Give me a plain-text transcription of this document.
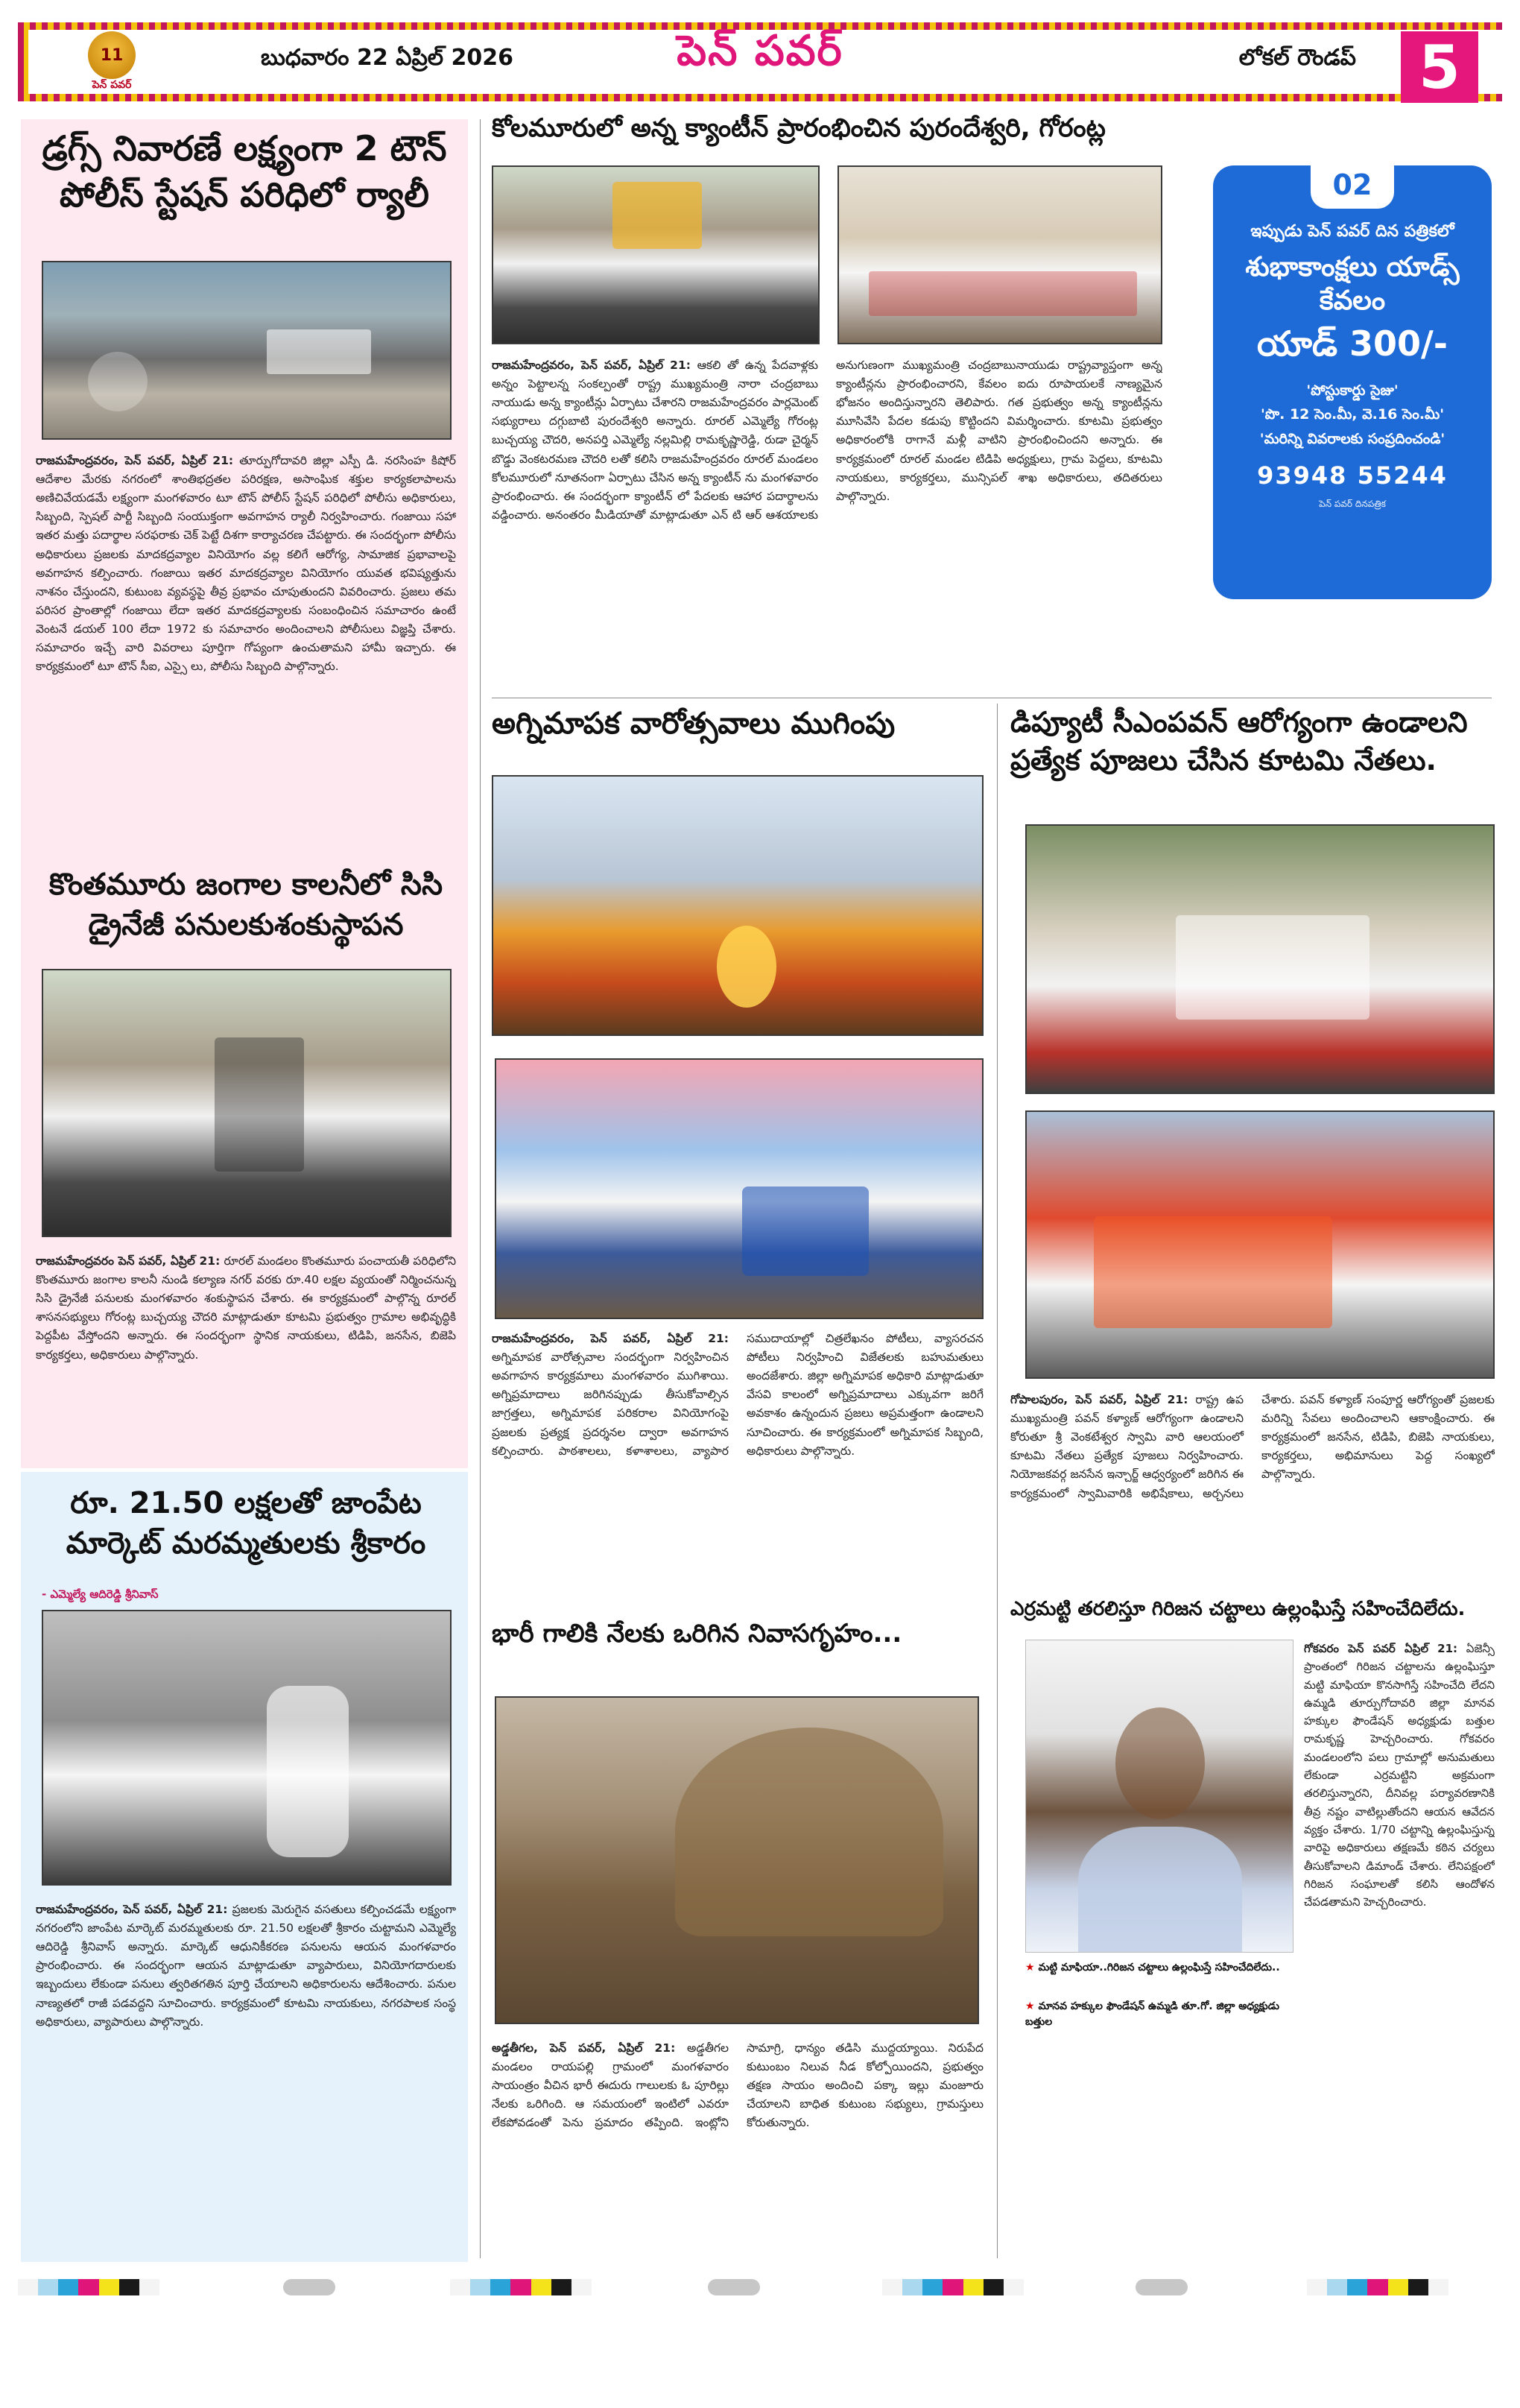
11
పెన్ పవర్
బుధవారం 22 ఏప్రిల్ 2026	పెన్ పవర్	లోకల్ రౌండప్	5
డ్రగ్స్ నివారణే లక్ష్యంగా 2 టౌన్ పోలీస్ స్టేషన్ పరిధిలో ర్యాలీ
రాజమహేంద్రవరం, పెన్ పవర్, ఏప్రిల్ 21: తూర్పుగోదావరి జిల్లా ఎస్పీ డి. నరసింహ కిషోర్ ఆదేశాల మేరకు నగరంలో శాంతిభద్రతల పరిరక్షణ, అసాంఘిక శక్తుల కార్యకలాపాలను అణిచివేయడమే లక్ష్యంగా మంగళవారం టూ టౌన్ పోలీస్ స్టేషన్ పరిధిలో పోలీసు అధికారులు, సిబ్బంది, స్పెషల్ పార్టీ సిబ్బంది సంయుక్తంగా అవగాహన ర్యాలీ నిర్వహించారు. గంజాయి సహా ఇతర మత్తు పదార్థాల సరఫరాకు చెక్ పెట్టే దిశగా కార్యాచరణ చేపట్టారు. ఈ సందర్భంగా పోలీసు అధికారులు ప్రజలకు మాదకద్రవ్యాల వినియోగం వల్ల కలిగే ఆరోగ్య, సామాజిక ప్రభావాలపై అవగాహన కల్పించారు. గంజాయి ఇతర మాదకద్రవ్యాల వినియోగం యువత భవిష్యత్తును నాశనం చేస్తుందని, కుటుంబ వ్యవస్థపై తీవ్ర ప్రభావం చూపుతుందని వివరించారు. ప్రజలు తమ పరిసర ప్రాంతాల్లో గంజాయి లేదా ఇతర మాదకద్రవ్యాలకు సంబంధించిన సమాచారం ఉంటే వెంటనే డయల్ 100 లేదా 1972 కు సమాచారం అందించాలని పోలీసులు విజ్ఞప్తి చేశారు. సమాచారం ఇచ్చే వారి వివరాలు పూర్తిగా గోప్యంగా ఉంచుతామని హామీ ఇచ్చారు. ఈ కార్యక్రమంలో టూ టౌన్ సీఐ, ఎస్సై లు, పోలీసు సిబ్బంది పాల్గొన్నారు.
కొంతమూరు జంగాల కాలనీలో సిసి డ్రైనేజీ పనులకుశంకుస్థాపన
రాజమహేంద్రవరం పెన్ పవర్, ఏప్రిల్ 21: రూరల్ మండలం కొంతమూరు పంచాయతీ పరిధిలోని కొంతమూరు జంగాల కాలనీ నుండి కల్యాణ నగర్ వరకు రూ.40 లక్షల వ్యయంతో నిర్మించనున్న సిసి డ్రైనేజీ పనులకు మంగళవారం శంకుస్థాపన చేశారు. ఈ కార్యక్రమంలో పాల్గొన్న రూరల్ శాసనసభ్యులు గోరంట్ల బుచ్చయ్య చౌదరి మాట్లాడుతూ కూటమి ప్రభుత్వం గ్రామాల అభివృద్ధికి పెద్దపీట వేస్తోందని అన్నారు. ఈ సందర్భంగా స్థానిక నాయకులు, టిడిపి, జనసేన, బిజెపి కార్యకర్తలు, అధికారులు పాల్గొన్నారు.
రూ. 21.50 లక్షలతో జాంపేట మార్కెట్ మరమ్మతులకు శ్రీకారం
- ఎమ్మెల్యే ఆదిరెడ్డి శ్రీనివాస్
రాజమహేంద్రవరం, పెన్ పవర్, ఏప్రిల్ 21: ప్రజలకు మెరుగైన వసతులు కల్పించడమే లక్ష్యంగా నగరంలోని జాంపేట మార్కెట్ మరమ్మతులకు రూ. 21.50 లక్షలతో శ్రీకారం చుట్టామని ఎమ్మెల్యే ఆదిరెడ్డి శ్రీనివాస్ అన్నారు. మార్కెట్ ఆధునికీకరణ పనులను ఆయన మంగళవారం ప్రారంభించారు. ఈ సందర్భంగా ఆయన మాట్లాడుతూ వ్యాపారులు, వినియోగదారులకు ఇబ్బందులు లేకుండా పనులు త్వరితగతిన పూర్తి చేయాలని అధికారులను ఆదేశించారు. పనుల నాణ్యతలో రాజీ పడవద్దని సూచించారు. కార్యక్రమంలో కూటమి నాయకులు, నగరపాలక సంస్థ అధికారులు, వ్యాపారులు పాల్గొన్నారు.
కోలమూరులో అన్న క్యాంటీన్ ప్రారంభించిన పురందేశ్వరి, గోరంట్ల
రాజమహేంద్రవరం, పెన్ పవర్, ఏప్రిల్ 21: ఆకలి తో ఉన్న పేదవాళ్లకు అన్నం పెట్టాలన్న సంకల్పంతో రాష్ట్ర ముఖ్యమంత్రి నారా చంద్రబాబు నాయుడు అన్న క్యాంటీన్లు ఏర్పాటు చేశారని రాజమహేంద్రవరం పార్లమెంట్ సభ్యురాలు దగ్గుబాటి పురందేశ్వరి అన్నారు. రూరల్ ఎమ్మెల్యే గోరంట్ల బుచ్చయ్య చౌదరి, అనపర్తి ఎమ్మెల్యే నల్లమిల్లి రామకృష్ణారెడ్డి, రుడా చైర్మన్ బొడ్డు వెంకటరమణ చౌదరి లతో కలిసి రాజమహేంద్రవరం రూరల్ మండలం కోలమూరులో నూతనంగా ఏర్పాటు చేసిన అన్న క్యాంటీన్ ను మంగళవారం ప్రారంభించారు. ఈ సందర్భంగా క్యాంటీన్ లో పేదలకు ఆహార పదార్థాలను వడ్డించారు. అనంతరం మీడియాతో మాట్లాడుతూ ఎన్ టి ఆర్ ఆశయాలకు అనుగుణంగా ముఖ్యమంత్రి చంద్రబాబునాయుడు రాష్ట్రవ్యాప్తంగా అన్న క్యాంటీన్లను ప్రారంభించారని, కేవలం ఐదు రూపాయలకే నాణ్యమైన భోజనం అందిస్తున్నారని తెలిపారు. గత ప్రభుత్వం అన్న క్యాంటీన్లను మూసివేసి పేదల కడుపు కొట్టిందని విమర్శించారు. కూటమి ప్రభుత్వం అధికారంలోకి రాగానే మళ్లీ వాటిని ప్రారంభించిందని అన్నారు. ఈ కార్యక్రమంలో రూరల్ మండల టిడిపి అధ్యక్షులు, గ్రామ పెద్దలు, కూటమి నాయకులు, కార్యకర్తలు, మున్సిపల్ శాఖ అధికారులు, తదితరులు పాల్గొన్నారు.
02
ఇప్పుడు పెన్ పవర్ దిన పత్రికలో
శుభాకాంక్షలు యాడ్స్ కేవలం
యాడ్ 300/-
'పోస్టుకార్డు సైజు'
'పొ. 12 సెం.మీ, వె.16 సెం.మీ'
'మరిన్ని వివరాలకు సంప్రదించండి'
93948 55244
పెన్ పవర్ దినపత్రిక
అగ్నిమాపక వారోత్సవాలు ముగింపు
రాజమహేంద్రవరం, పెన్ పవర్, ఏప్రిల్ 21: అగ్నిమాపక వారోత్సవాల సందర్భంగా నిర్వహించిన అవగాహన కార్యక్రమాలు మంగళవారం ముగిశాయి. అగ్నిప్రమాదాలు జరిగినప్పుడు తీసుకోవాల్సిన జాగ్రత్తలు, అగ్నిమాపక పరికరాల వినియోగంపై ప్రజలకు ప్రత్యక్ష ప్రదర్శనల ద్వారా అవగాహన కల్పించారు. పాఠశాలలు, కళాశాలలు, వ్యాపార సముదాయాల్లో చిత్రలేఖనం పోటీలు, వ్యాసరచన పోటీలు నిర్వహించి విజేతలకు బహుమతులు అందజేశారు. జిల్లా అగ్నిమాపక అధికారి మాట్లాడుతూ వేసవి కాలంలో అగ్నిప్రమాదాలు ఎక్కువగా జరిగే అవకాశం ఉన్నందున ప్రజలు అప్రమత్తంగా ఉండాలని సూచించారు. ఈ కార్యక్రమంలో అగ్నిమాపక సిబ్బంది, అధికారులు పాల్గొన్నారు.
భారీ గాలికి నేలకు ఒరిగిన నివాసగృహం...
అడ్డతీగల, పెన్ పవర్, ఏప్రిల్ 21: అడ్డతీగల మండలం రాయపల్లి గ్రామంలో మంగళవారం సాయంత్రం వీచిన భారీ ఈదురు గాలులకు ఓ పూరిల్లు నేలకు ఒరిగింది. ఆ సమయంలో ఇంటిలో ఎవరూ లేకపోవడంతో పెను ప్రమాదం తప్పింది. ఇంట్లోని సామాగ్రి, ధాన్యం తడిసి ముద్దయ్యాయి. నిరుపేద కుటుంబం నిలువ నీడ కోల్పోయిందని, ప్రభుత్వం తక్షణ సాయం అందించి పక్కా ఇల్లు మంజూరు చేయాలని బాధిత కుటుంబ సభ్యులు, గ్రామస్తులు కోరుతున్నారు.
డిప్యూటీ సీఎంపవన్ ఆరోగ్యంగా ఉండాలని ప్రత్యేక పూజలు చేసిన కూటమి నేతలు.
గోపాలపురం, పెన్ పవర్, ఏప్రిల్ 21: రాష్ట్ర ఉప ముఖ్యమంత్రి పవన్ కళ్యాణ్ ఆరోగ్యంగా ఉండాలని కోరుతూ శ్రీ వెంకటేశ్వర స్వామి వారి ఆలయంలో కూటమి నేతలు ప్రత్యేక పూజలు నిర్వహించారు. నియోజకవర్గ జనసేన ఇన్చార్జ్ ఆధ్వర్యంలో జరిగిన ఈ కార్యక్రమంలో స్వామివారికి అభిషేకాలు, అర్చనలు చేశారు. పవన్ కళ్యాణ్ సంపూర్ణ ఆరోగ్యంతో ప్రజలకు మరిన్ని సేవలు అందించాలని ఆకాంక్షించారు. ఈ కార్యక్రమంలో జనసేన, టిడిపి, బిజెపి నాయకులు, కార్యకర్తలు, అభిమానులు పెద్ద సంఖ్యలో పాల్గొన్నారు.
ఎర్రమట్టి తరలిస్తూ గిరిజన చట్టాలు ఉల్లంఘిస్తే సహించేదిలేదు.
★ మట్టి మాఫియా..గిరిజన చట్టాలు ఉల్లంఘిస్తే సహించేదిలేదు..
★ మానవ హక్కుల ఫౌండేషన్ ఉమ్మడి తూ.గో. జిల్లా అధ్యక్షుడు బత్తుల
గోకవరం పెన్ పవర్ ఏప్రిల్ 21: ఏజెన్సీ ప్రాంతంలో గిరిజన చట్టాలను ఉల్లంఘిస్తూ మట్టి మాఫియా కొనసాగిస్తే సహించేది లేదని ఉమ్మడి తూర్పుగోదావరి జిల్లా మానవ హక్కుల ఫౌండేషన్ అధ్యక్షుడు బత్తుల రామకృష్ణ హెచ్చరించారు. గోకవరం మండలంలోని పలు గ్రామాల్లో అనుమతులు లేకుండా ఎర్రమట్టిని అక్రమంగా తరలిస్తున్నారని, దీనివల్ల పర్యావరణానికి తీవ్ర నష్టం వాటిల్లుతోందని ఆయన ఆవేదన వ్యక్తం చేశారు. 1/70 చట్టాన్ని ఉల్లంఘిస్తున్న వారిపై అధికారులు తక్షణమే కఠిన చర్యలు తీసుకోవాలని డిమాండ్ చేశారు. లేనిపక్షంలో గిరిజన సంఘాలతో కలిసి ఆందోళన చేపడతామని హెచ్చరించారు.
